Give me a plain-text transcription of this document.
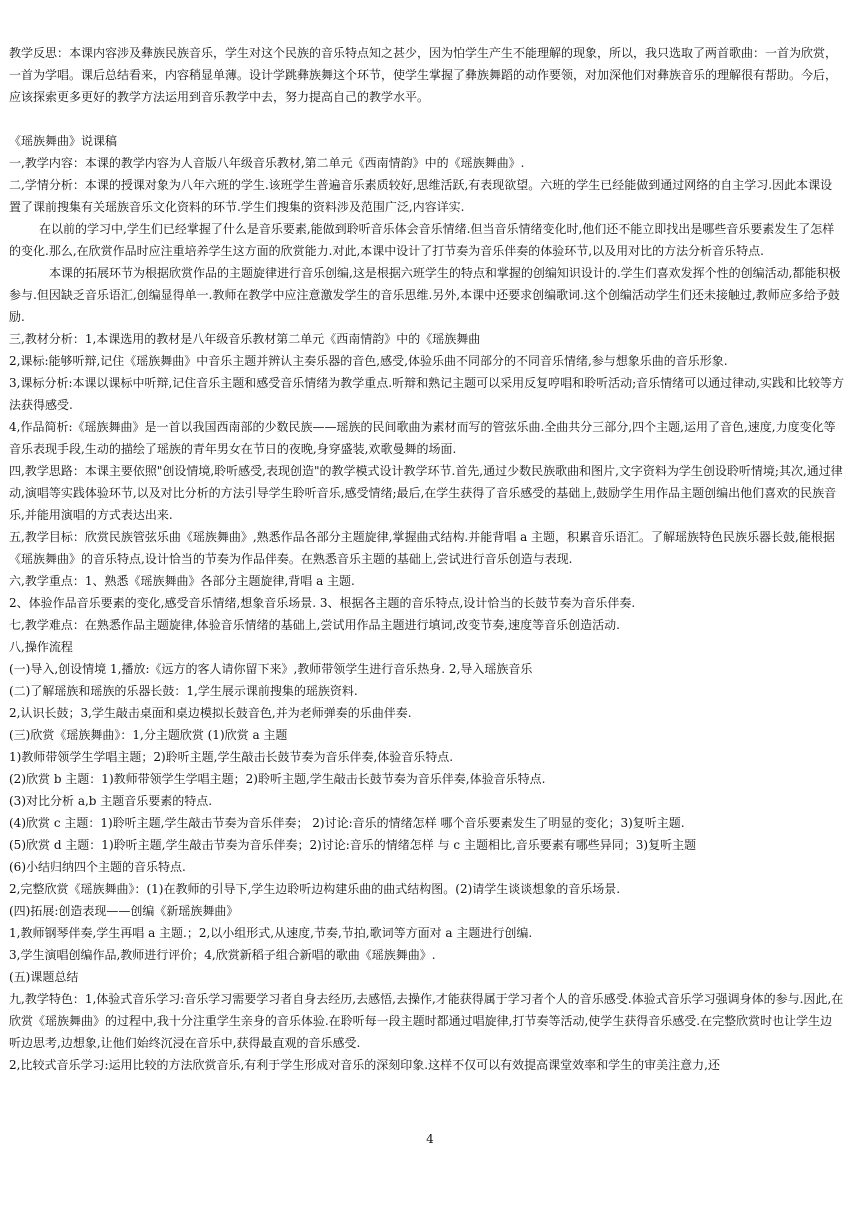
教学反思：本课内容涉及彝族民族音乐，学生对这个民族的音乐特点知之甚少，因为怕学生产生不能理解的现象，所以，我只选取了两首歌曲：一首为欣赏，一首为学唱。课后总结看来，内容稍显单薄。设计学跳彝族舞这个环节，使学生掌握了彝族舞蹈的动作要领，对加深他们对彝族音乐的理解很有帮助。今后，应该探索更多更好的教学方法运用到音乐教学中去，努力提高自己的教学水平。

《瑶族舞曲》说课稿

一,教学内容：本课的教学内容为人音版八年级音乐教材,第二单元《西南情韵》中的《瑶族舞曲》.

二,学情分析：本课的授课对象为八年六班的学生.该班学生普遍音乐素质较好,思维活跃,有表现欲望。六班的学生已经能做到通过网络的自主学习.因此本课设置了课前搜集有关瑶族音乐文化资料的环节.学生们搜集的资料涉及范围广泛,内容详实.

在以前的学习中,学生们已经掌握了什么是音乐要素,能做到聆听音乐体会音乐情绪.但当音乐情绪变化时,他们还不能立即找出是哪些音乐要素发生了怎样的变化.那么,在欣赏作品时应注重培养学生这方面的欣赏能力.对此,本课中设计了打节奏为音乐伴奏的体验环节,以及用对比的方法分析音乐特点.

本课的拓展环节为根据欣赏作品的主题旋律进行音乐创编,这是根据六班学生的特点和掌握的创编知识设计的.学生们喜欢发挥个性的创编活动,都能积极参与.但因缺乏音乐语汇,创编显得单一.教师在教学中应注意激发学生的音乐思维.另外,本课中还要求创编歌词.这个创编活动学生们还未接触过,教师应多给予鼓励.

三,教材分析：1,本课选用的教材是八年级音乐教材第二单元《西南情韵》中的《瑶族舞曲

2,课标:能够听辩,记住《瑶族舞曲》中音乐主题并辨认主奏乐器的音色,感受,体验乐曲不同部分的不同音乐情绪,参与想象乐曲的音乐形象.

3,课标分析:本课以课标中听辩,记住音乐主题和感受音乐情绪为教学重点.听辩和熟记主题可以采用反复哼唱和聆听活动;音乐情绪可以通过律动,实践和比较等方法获得感受.

4,作品简析:《瑶族舞曲》是一首以我国西南部的少数民族——瑶族的民间歌曲为素材而写的管弦乐曲.全曲共分三部分,四个主题,运用了音色,速度,力度变化等音乐表现手段,生动的描绘了瑶族的青年男女在节日的夜晚,身穿盛装,欢歌曼舞的场面.

四,教学思路：本课主要依照"创设情境,聆听感受,表现创造"的教学模式设计教学环节.首先,通过少数民族歌曲和图片,文字资料为学生创设聆听情境;其次,通过律动,演唱等实践体验环节,以及对比分析的方法引导学生聆听音乐,感受情绪;最后,在学生获得了音乐感受的基础上,鼓励学生用作品主题创编出他们喜欢的民族音乐,并能用演唱的方式表达出来.

五,教学目标：欣赏民族管弦乐曲《瑶族舞曲》,熟悉作品各部分主题旋律,掌握曲式结构.并能背唱 a 主题，积累音乐语汇。了解瑶族特色民族乐器长鼓,能根据《瑶族舞曲》的音乐特点,设计恰当的节奏为作品伴奏。在熟悉音乐主题的基础上,尝试进行音乐创造与表现.

六,教学重点：1、熟悉《瑶族舞曲》各部分主题旋律,背唱 a 主题.

2、体验作品音乐要素的变化,感受音乐情绪,想象音乐场景. 3、根据各主题的音乐特点,设计恰当的长鼓节奏为音乐伴奏.

七,教学难点：在熟悉作品主题旋律,体验音乐情绪的基础上,尝试用作品主题进行填词,改变节奏,速度等音乐创造活动.

八,操作流程

(一)导入,创设情境 1,播放:《远方的客人请你留下来》,教师带领学生进行音乐热身. 2,导入瑶族音乐

(二)了解瑶族和瑶族的乐器长鼓：1,学生展示课前搜集的瑶族资料.

2,认识长鼓；3,学生敲击桌面和桌边模拟长鼓音色,并为老师弹奏的乐曲伴奏.

(三)欣赏《瑶族舞曲》：1,分主题欣赏 (1)欣赏 a 主题

1)教师带领学生学唱主题；2)聆听主题,学生敲击长鼓节奏为音乐伴奏,体验音乐特点.

(2)欣赏 b 主题：1)教师带领学生学唱主题；2)聆听主题,学生敲击长鼓节奏为音乐伴奏,体验音乐特点.

(3)对比分析 a,b 主题音乐要素的特点.

(4)欣赏 c 主题：1)聆听主题,学生敲击节奏为音乐伴奏； 2)讨论:音乐的情绪怎样 哪个音乐要素发生了明显的变化；3)复听主题.

(5)欣赏 d 主题：1)聆听主题,学生敲击节奏为音乐伴奏；2)讨论:音乐的情绪怎样 与 c 主题相比,音乐要素有哪些异同；3)复听主题

(6)小结归纳四个主题的音乐特点.

2,完整欣赏《瑶族舞曲》：(1)在教师的引导下,学生边聆听边构建乐曲的曲式结构图。(2)请学生谈谈想象的音乐场景.

(四)拓展:创造表现——创编《新瑶族舞曲》

1,教师钢琴伴奏,学生再唱 a 主题.；2,以小组形式,从速度,节奏,节拍,歌词等方面对 a 主题进行创编.

3,学生演唱创编作品,教师进行评价；4,欣赏新稻子组合新唱的歌曲《瑶族舞曲》.

(五)课题总结

九,教学特色：1,体验式音乐学习:音乐学习需要学习者自身去经历,去感悟,去操作,才能获得属于学习者个人的音乐感受.体验式音乐学习强调身体的参与.因此,在欣赏《瑶族舞曲》的过程中,我十分注重学生亲身的音乐体验.在聆听每一段主题时都通过唱旋律,打节奏等活动,使学生获得音乐感受.在完整欣赏时也让学生边听边思考,边想象,让他们始终沉浸在音乐中,获得最直观的音乐感受.

2,比较式音乐学习:运用比较的方法欣赏音乐,有利于学生形成对音乐的深刻印象.这样不仅可以有效提高课堂效率和学生的审美注意力,还

4
